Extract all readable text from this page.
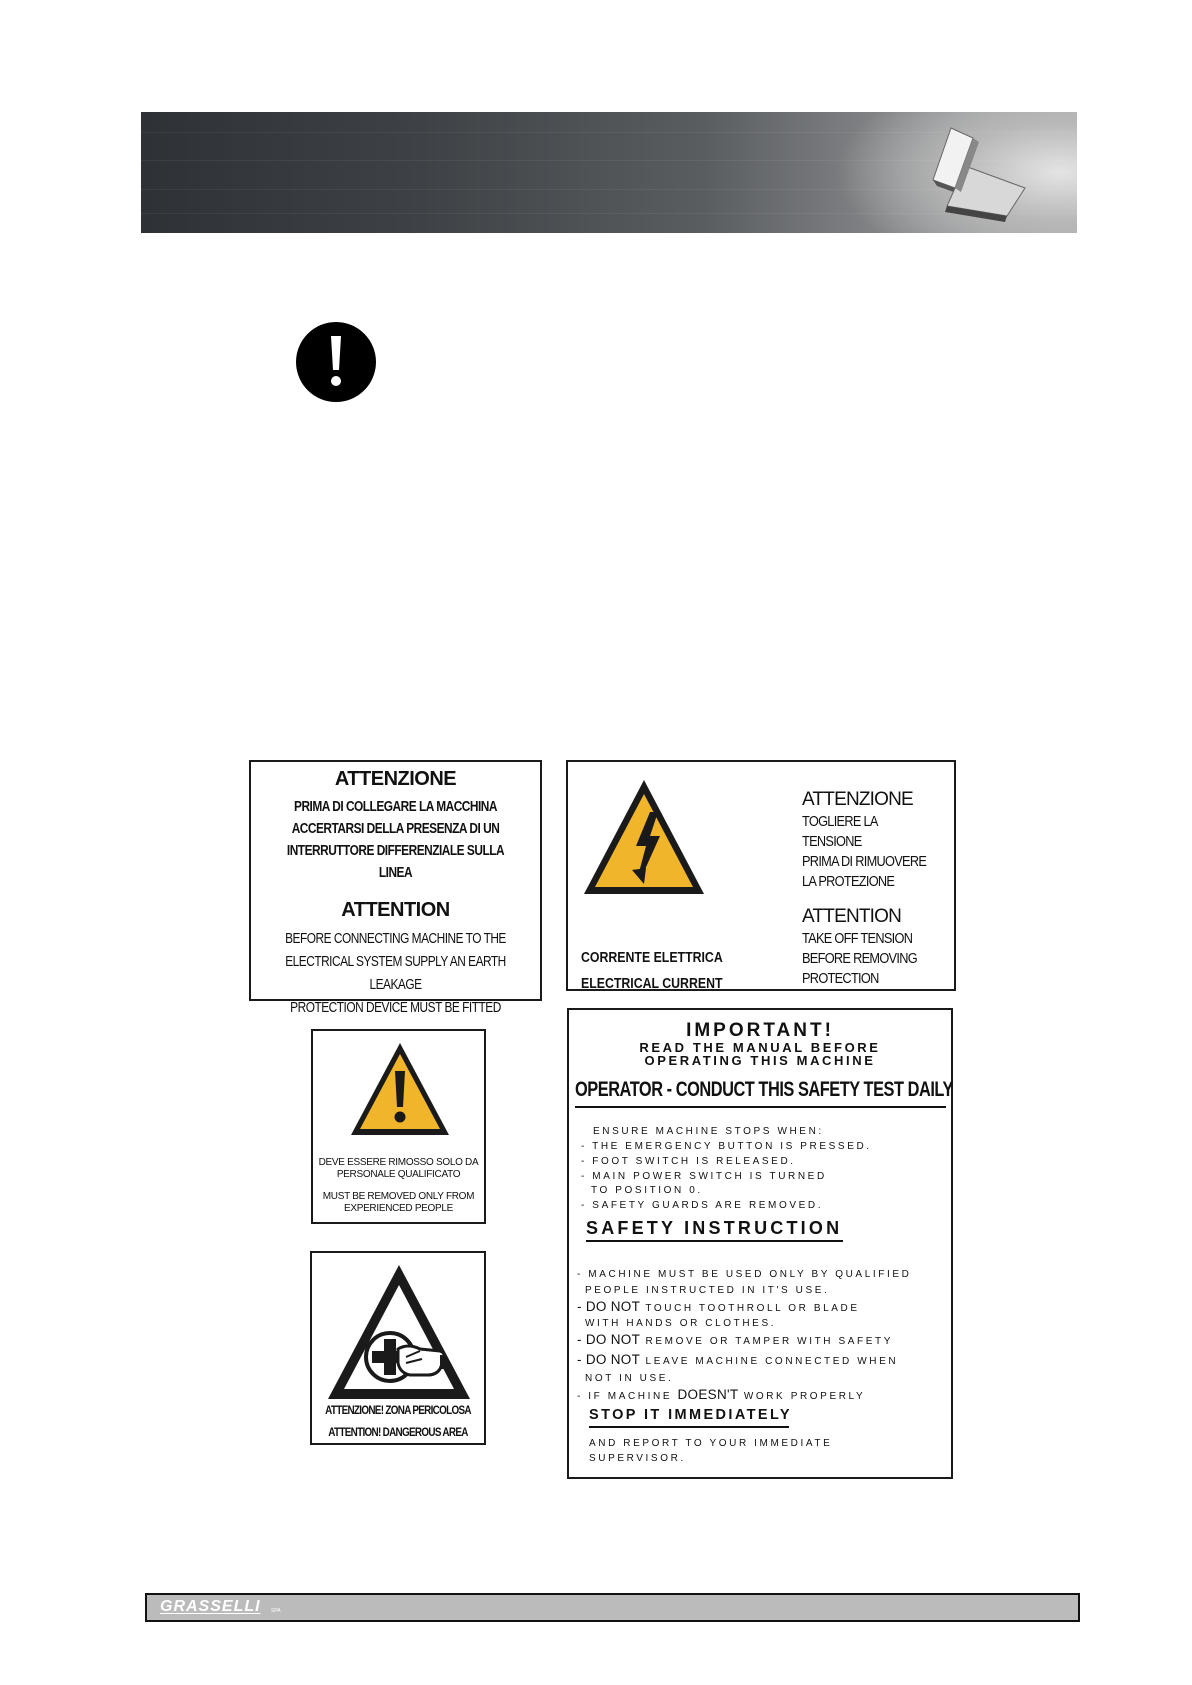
ATTENZIONE
PRIMA DI COLLEGARE LA MACCHINA
ACCERTARSI DELLA PRESENZA DI UN
INTERRUTTORE DIFFERENZIALE SULLA LINEA
ATTENTION
BEFORE CONNECTING MACHINE TO THE
ELECTRICAL SYSTEM SUPPLY AN EARTH LEAKAGE
PROTECTION DEVICE MUST BE FITTED
CORRENTE ELETTRICA
ELECTRICAL CURRENT
ATTENZIONE
TOGLIERE LA TENSIONE
PRIMA DI RIMUOVERE
LA PROTEZIONE
ATTENTION
TAKE OFF TENSION
BEFORE REMOVING
PROTECTION
DEVE ESSERE RIMOSSO SOLO DA
PERSONALE QUALIFICATO
MUST BE REMOVED ONLY FROM
EXPERIENCED PEOPLE
ATTENZIONE! ZONA PERICOLOSA
ATTENTION! DANGEROUS AREA
IMPORTANT!
READ THE MANUAL BEFORE
OPERATING THIS MACHINE
OPERATOR - CONDUCT THIS SAFETY TEST DAILY
ENSURE MACHINE STOPS WHEN:
- THE EMERGENCY BUTTON IS PRESSED.
- FOOT SWITCH IS RELEASED.
- MAIN POWER SWITCH IS TURNED
TO POSITION 0.
- SAFETY GUARDS ARE REMOVED.
SAFETY INSTRUCTION
- MACHINE MUST BE USED ONLY BY QUALIFIED
PEOPLE INSTRUCTED IN IT'S USE.
- DO NOT TOUCH TOOTHROLL OR BLADE
WITH HANDS OR CLOTHES.
- DO NOT REMOVE OR TAMPER WITH SAFETY
- DO NOT LEAVE MACHINE CONNECTED WHEN
NOT IN USE.
- IF MACHINE DOESN'T WORK PROPERLY
STOP IT IMMEDIATELY
AND REPORT TO YOUR IMMEDIATE
SUPERVISOR.
GRASSELLI SPA
